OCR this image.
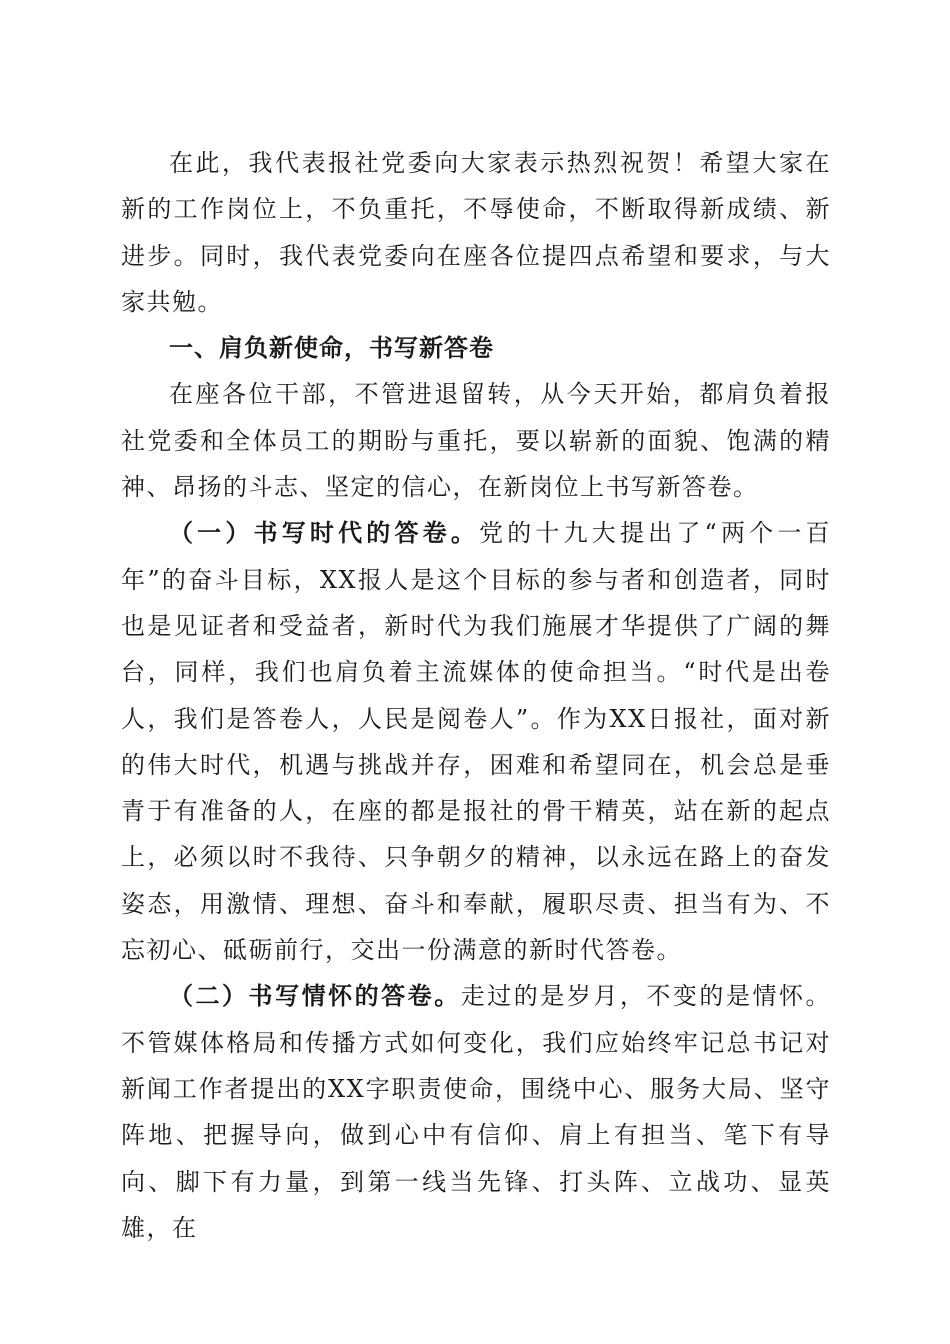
在此，我代表报社党委向大家表示热烈祝贺！希望大家在新的工作岗位上，不负重托，不辱使命，不断取得新成绩、新进步。同时，我代表党委向在座各位提四点希望和要求，与大家共勉。

一、肩负新使命，书写新答卷

在座各位干部，不管进退留转，从今天开始，都肩负着报社党委和全体员工的期盼与重托，要以崭新的面貌、饱满的精神、昂扬的斗志、坚定的信心，在新岗位上书写新答卷。

（一）书写时代的答卷。党的十九大提出了“两个一百年”的奋斗目标，XX报人是这个目标的参与者和创造者，同时也是见证者和受益者，新时代为我们施展才华提供了广阔的舞台，同样，我们也肩负着主流媒体的使命担当。“时代是出卷人，我们是答卷人，人民是阅卷人”。作为XX日报社，面对新的伟大时代，机遇与挑战并存，困难和希望同在，机会总是垂青于有准备的人，在座的都是报社的骨干精英，站在新的起点上，必须以时不我待、只争朝夕的精神，以永远在路上的奋发姿态，用激情、理想、奋斗和奉献，履职尽责、担当有为、不忘初心、砥砺前行，交出一份满意的新时代答卷。

（二）书写情怀的答卷。走过的是岁月，不变的是情怀。不管媒体格局和传播方式如何变化，我们应始终牢记总书记对新闻工作者提出的XX字职责使命，围绕中心、服务大局、坚守阵地、把握导向，做到心中有信仰、肩上有担当、笔下有导向、脚下有力量，到第一线当先锋、打头阵、立战功、显英雄，在
